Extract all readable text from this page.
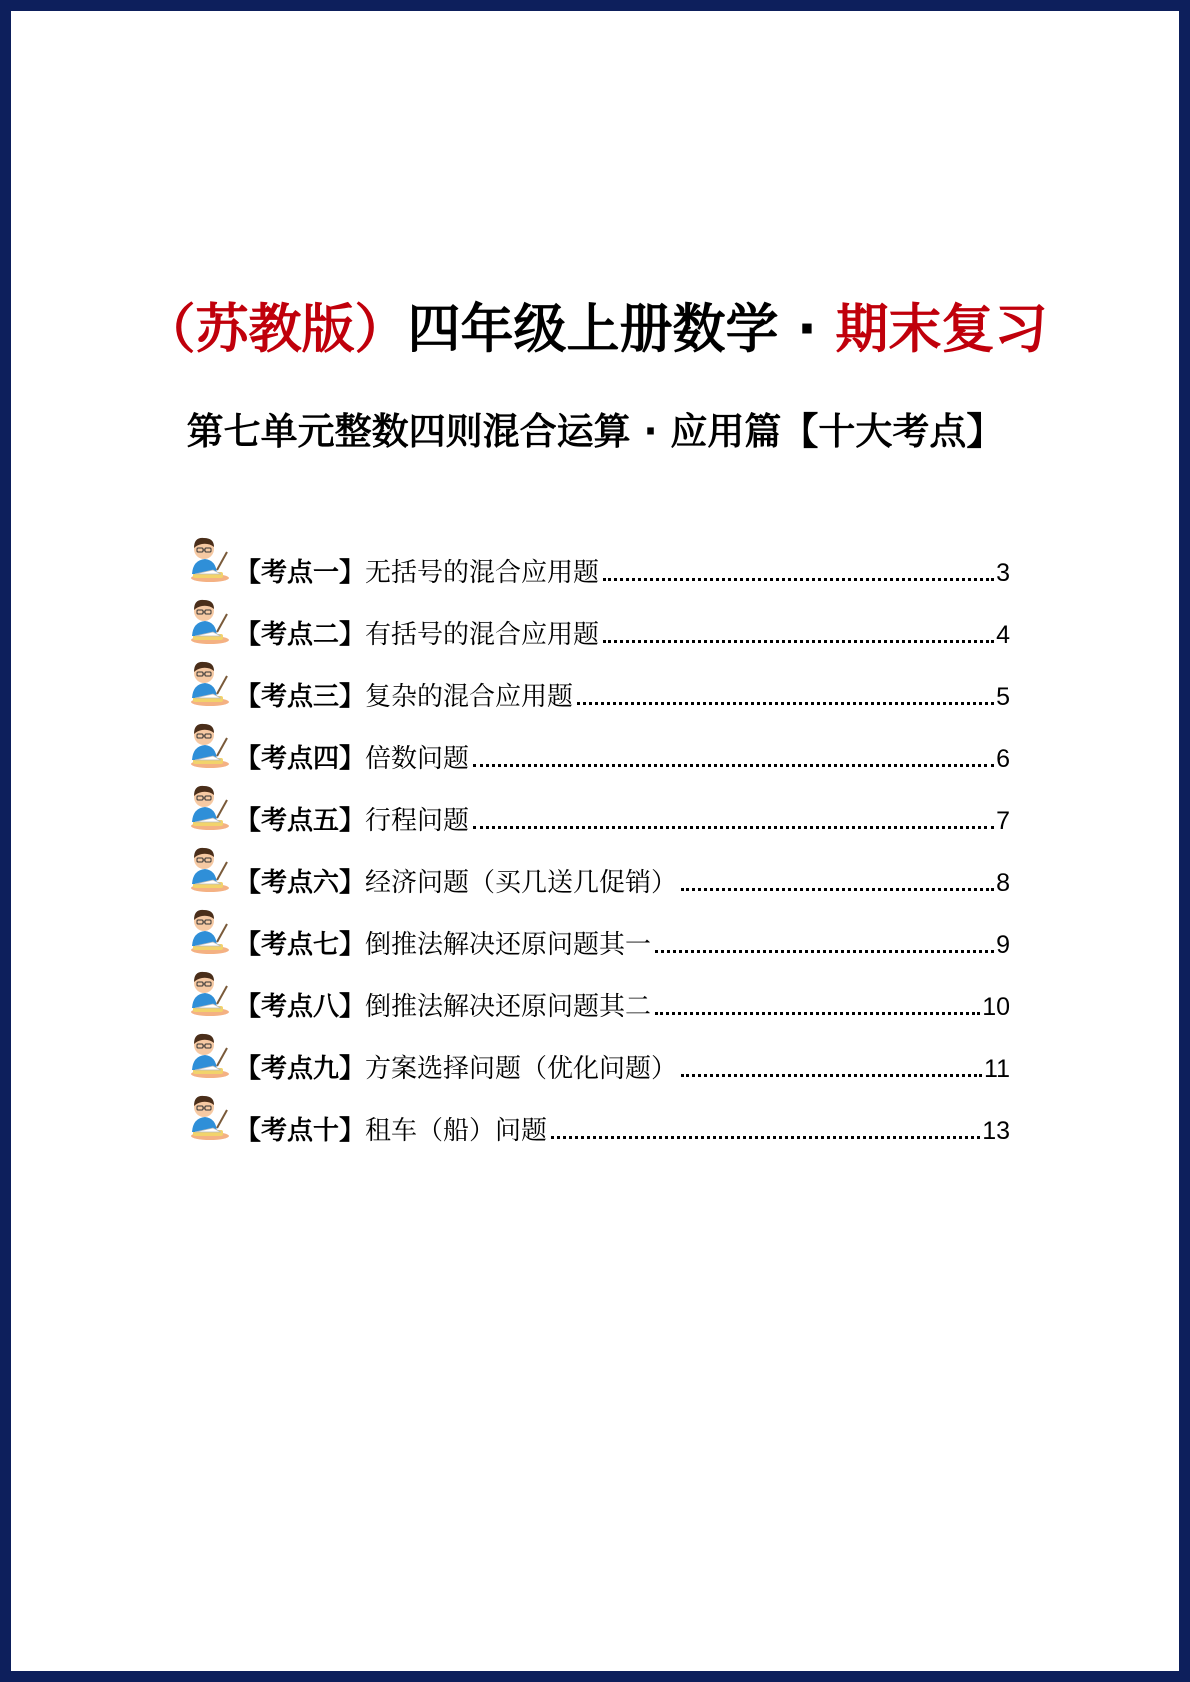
（苏教版）四年级上册数学 · 期末复习
第七单元整数四则混合运算 · 应用篇【十大考点】
【考点一】无括号的混合应用题	3
【考点二】有括号的混合应用题	4
【考点三】复杂的混合应用题	5
【考点四】倍数问题	6
【考点五】行程问题	7
【考点六】经济问题（买几送几促销）	8
【考点七】倒推法解决还原问题其一	9
【考点八】倒推法解决还原问题其二	10
【考点九】方案选择问题（优化问题）	11
【考点十】租车（船）问题	13
